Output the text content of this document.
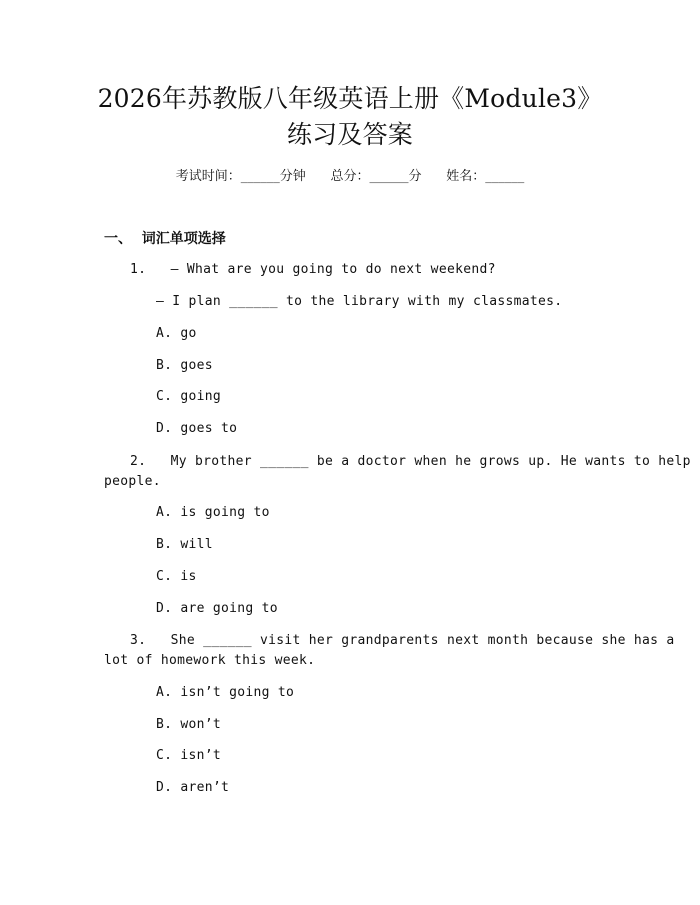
2026年苏教版八年级英语上册《Module3》
练习及答案
考试时间：______分钟      总分：______分      姓名：______
一、  词汇单项选择
1.   — What are you going to do next weekend?
— I plan ______ to the library with my classmates.
A. go
B. goes
C. going
D. goes to
2.   My brother ______ be a doctor when he grows up. He wants to help
people.
A. is going to
B. will
C. is
D. are going to
3.   She ______ visit her grandparents next month because she has a
lot of homework this week.
A. isn’t going to
B. won’t
C. isn’t
D. aren’t
